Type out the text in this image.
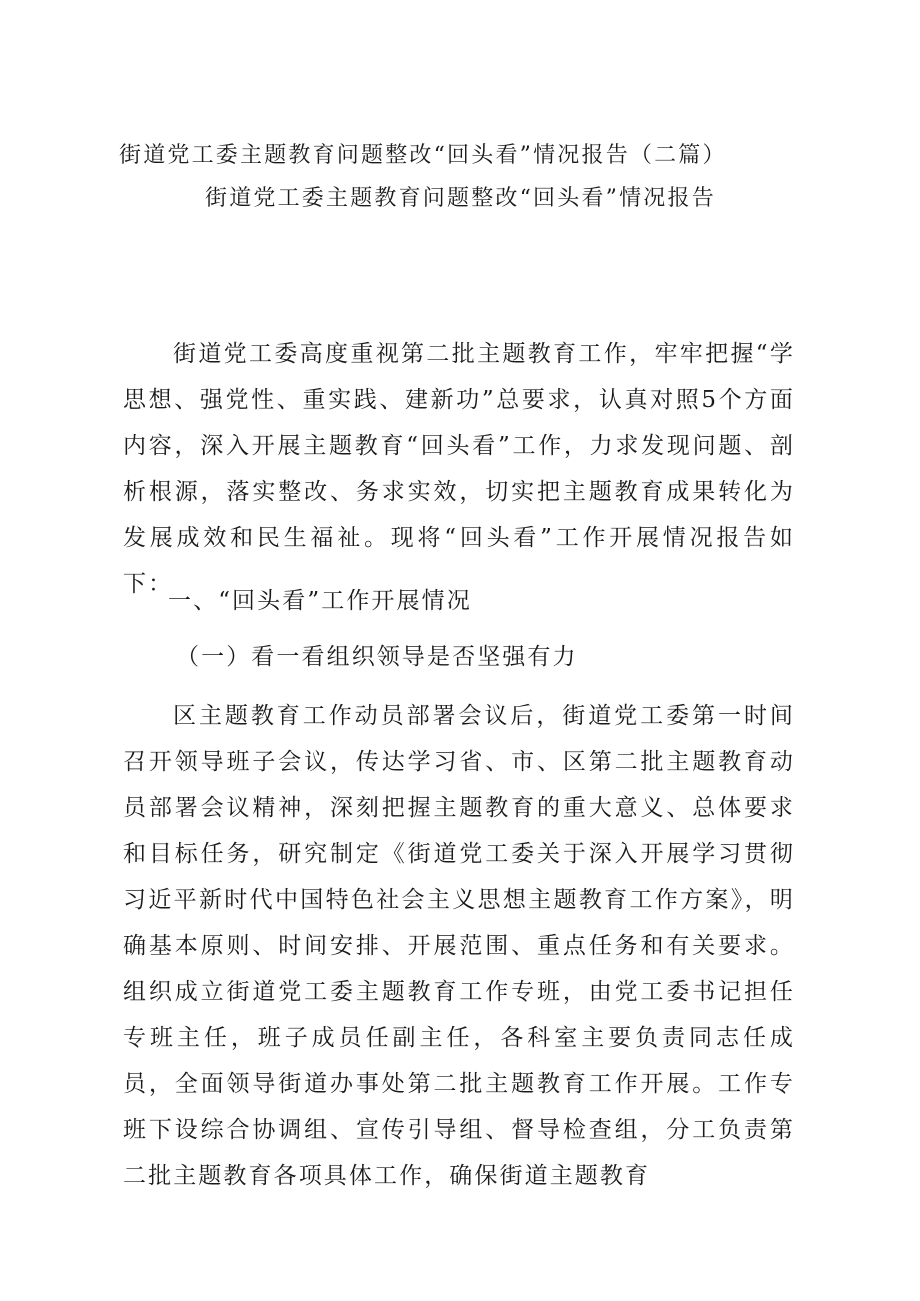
街道党工委主题教育问题整改“回头看”情况报告（二篇）
街道党工委主题教育问题整改“回头看”情况报告

街道党工委高度重视第二批主题教育工作，牢牢把握“学思想、强党性、重实践、建新功”总要求，认真对照5个方面内容，深入开展主题教育“回头看”工作，力求发现问题、剖析根源，落实整改、务求实效，切实把主题教育成果转化为发展成效和民生福祉。现将“回头看”工作开展情况报告如下：

一、“回头看”工作开展情况

（一）看一看组织领导是否坚强有力

区主题教育工作动员部署会议后，街道党工委第一时间召开领导班子会议，传达学习省、市、区第二批主题教育动员部署会议精神，深刻把握主题教育的重大意义、总体要求和目标任务，研究制定《街道党工委关于深入开展学习贯彻习近平新时代中国特色社会主义思想主题教育工作方案》，明确基本原则、时间安排、开展范围、重点任务和有关要求。组织成立街道党工委主题教育工作专班，由党工委书记担任专班主任，班子成员任副主任，各科室主要负责同志任成员，全面领导街道办事处第二批主题教育工作开展。工作专班下设综合协调组、宣传引导组、督导检查组，分工负责第二批主题教育各项具体工作，确保街道主题教育
